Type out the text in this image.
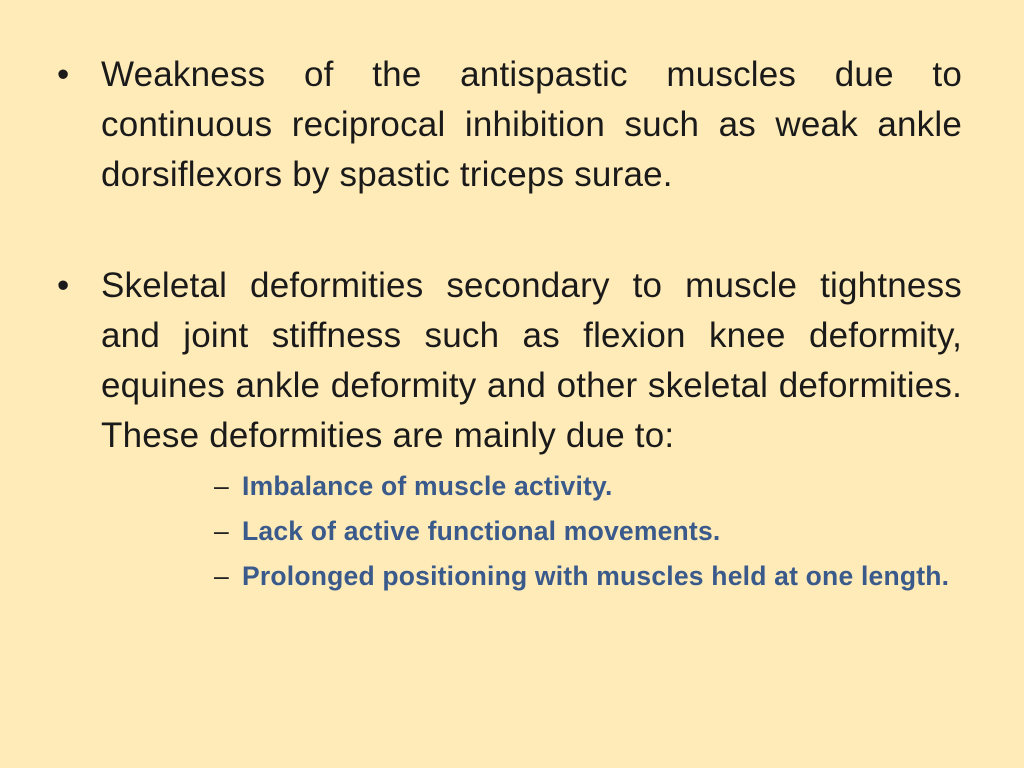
• Weakness of the antispastic muscles due to continuous reciprocal inhibition such as weak ankle dorsiflexors by spastic triceps surae.
• Skeletal deformities secondary to muscle tightness and joint stiffness such as flexion knee deformity, equines ankle deformity and other skeletal deformities. These deformities are mainly due to:
– Imbalance of muscle activity.
– Lack of active functional movements.
– Prolonged positioning with muscles held at one length.
